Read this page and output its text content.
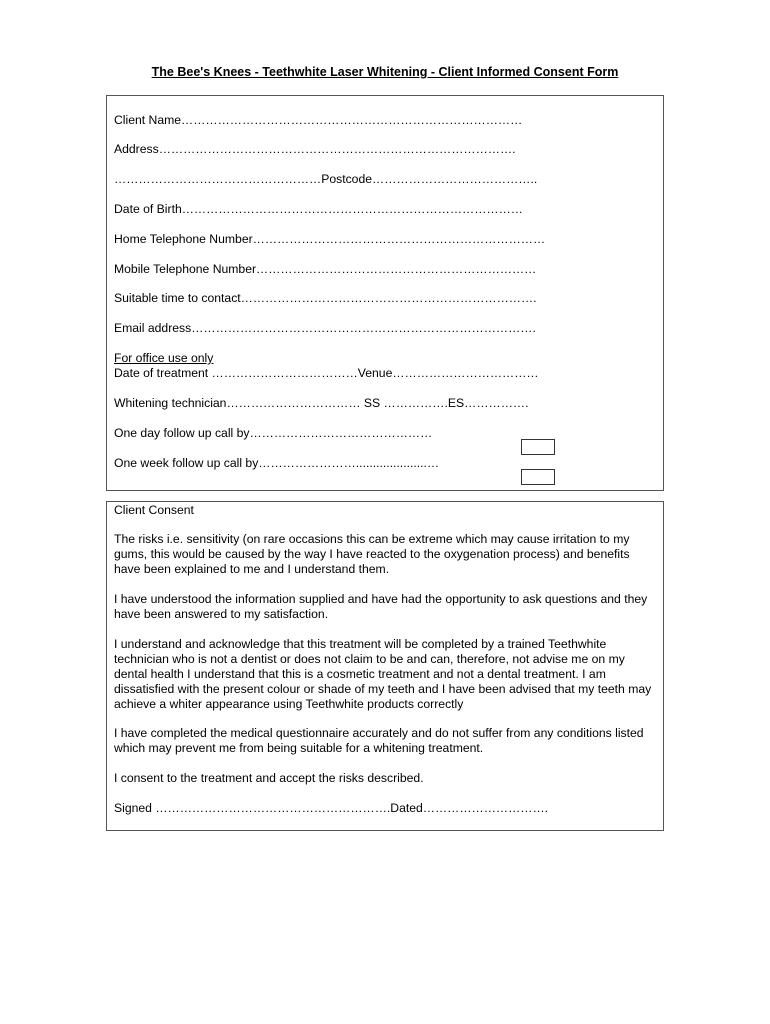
The Bee's Knees - Teethwhite Laser Whitening - Client Informed Consent Form
Client Name…………………………………………………………………………
Address…………………………………………………………………………….
……………………………………………Postcode…………………………………..
Date of Birth…………………………………………………………………………
Home Telephone Number………………………………………………………………
Mobile Telephone Number……………………………………………………………
Suitable time to contact……………………………………………………………….
Email address………………………………………………………………………….
For office use only
Date of treatment ………………………………Venue………………………………
Whitening technician…………………………… SS …………….ES…………….
One day follow up call by………………………………………
One week follow up call by…………………….....................…
Client Consent
The risks i.e. sensitivity (on rare occasions this can be extreme which may cause irritation to my gums, this would be caused by the way I have reacted to the oxygenation process) and benefits have been explained to me and I understand them.
I have understood the information supplied and have had the opportunity to ask questions and they have been answered to my satisfaction.
I understand and acknowledge that this treatment will be completed by a trained Teethwhite technician who is not a dentist or does not claim to be and can, therefore, not advise me on my dental health I understand that this is a cosmetic treatment and not a dental treatment. I am dissatisfied with the present colour or shade of my teeth and I have been advised that my teeth may achieve a whiter appearance using Teethwhite products correctly
I have completed the medical questionnaire accurately and do not suffer from any conditions listed which may prevent me from being suitable for a whitening treatment.
I consent to the treatment and accept the risks described.
Signed ………………………………………………….Dated………………………….
